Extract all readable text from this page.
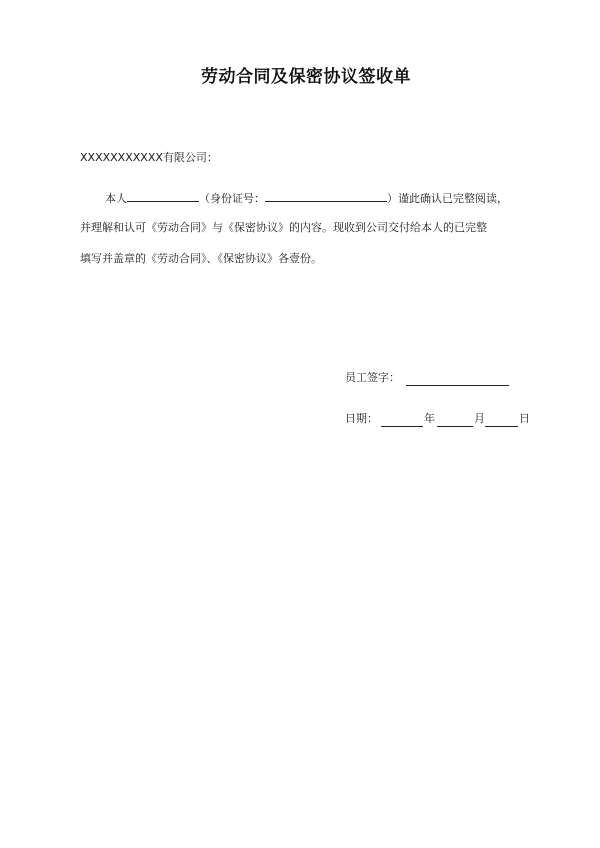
劳动合同及保密协议签收单
XXXXXXXXXXX有限公司：
本人	（身份证号：	）谨此确认已完整阅读，
并理解和认可《劳动合同》与《保密协议》的内容。现收到公司交付给本人的已完整
填写并盖章的《劳动合同》、《保密协议》各壹份。
员工签字：
日期：	年	月	日
